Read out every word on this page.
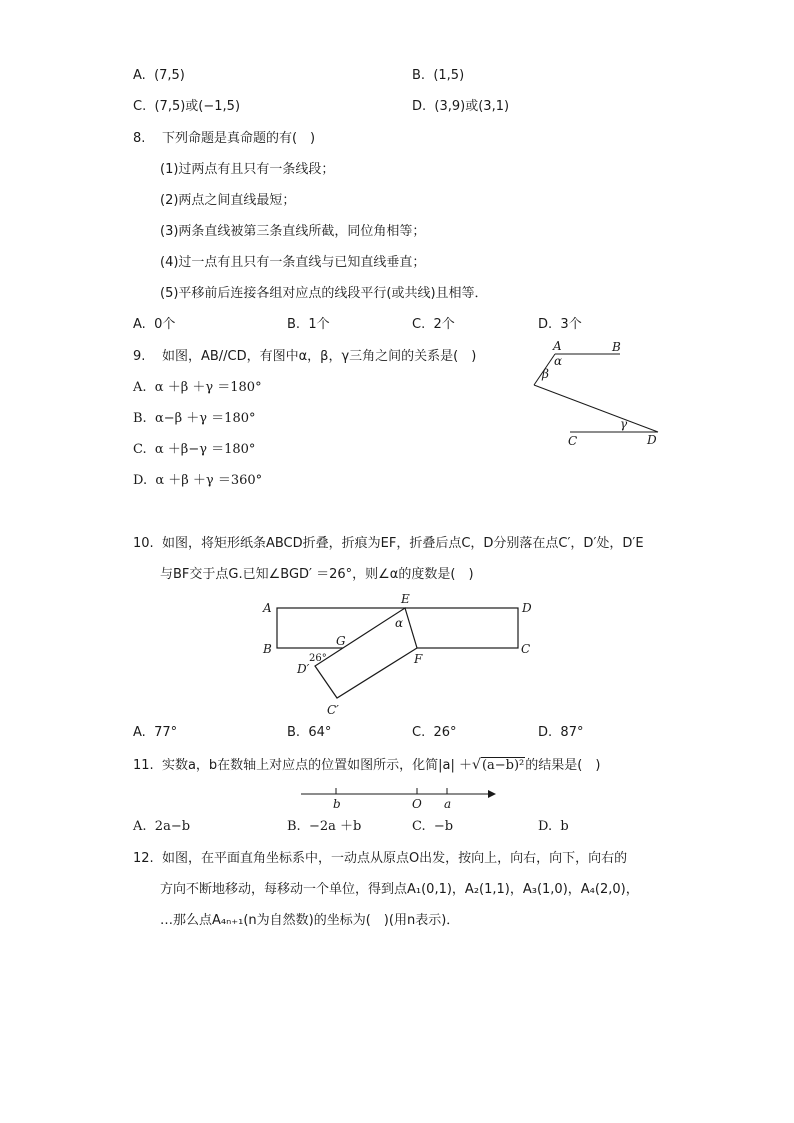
A. (7,5)	B. (1,5)
C. (7,5)或(−1,5)	D. (3,9)或(3,1)
8. 下列命题是真命题的有(　)
(1)过两点有且只有一条线段；
(2)两点之间直线最短；
(3)两条直线被第三条直线所截，同位角相等；
(4)过一点有且只有一条直线与已知直线垂直；
(5)平移前后连接各组对应点的线段平行(或共线)且相等．
A. 0个	B. 1个	C. 2个	D. 3个
9. 如图，AB//CD，有图中α，β，γ三角之间的关系是(　)
A. α ＋β ＋γ ＝180°
B. α−β ＋γ ＝180°
C. α ＋β−γ ＝180°
D. α ＋β ＋γ ＝360°
A	B
α
β
γ
C	D
10. 如图，将矩形纸条ABCD折叠，折痕为EF，折叠后点C，D分别落在点C′，D′处，D′E
与BF交于点G.已知∠BGD′ ＝26°，则∠α的度数是(　)
A
B
D
C
E
α
G
F
26°
D′
C′
A. 77°	B. 64°	C. 26°	D. 87°
11. 实数a，b在数轴上对应点的位置如图所示，化简|a| ＋√(a−b)²的结果是(　)
b	O a
A. 2a−b	B. −2a ＋b	C. −b	D. b
12. 如图，在平面直角坐标系中，一动点从原点O出发，按向上，向右，向下，向右的
方向不断地移动，每移动一个单位，得到点A₁(0,1)，A₂(1,1)，A₃(1,0)，A₄(2,0)，
…那么点A₄ₙ₊₁(n为自然数)的坐标为(　)(用n表示)．
